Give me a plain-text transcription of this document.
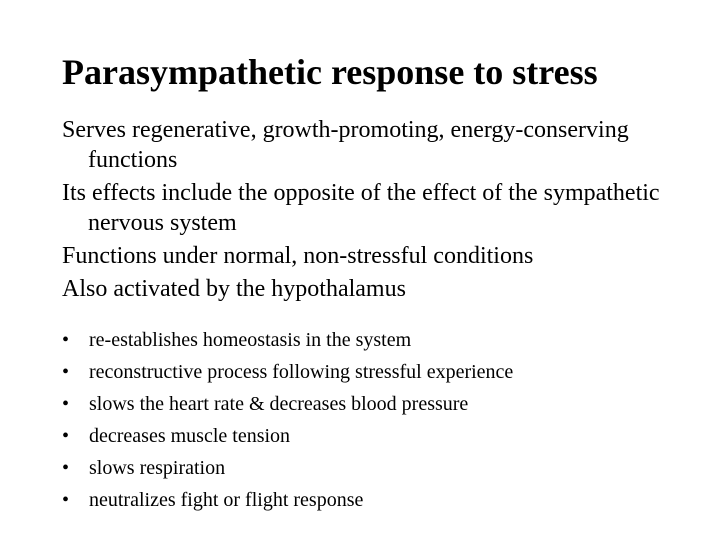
Parasympathetic response to stress
Serves regenerative, growth-promoting, energy-conserving functions
Its effects include the opposite of the effect of the sympathetic nervous system
Functions under normal, non-stressful conditions
Also activated by the hypothalamus
• re-establishes homeostasis in the system
• reconstructive process following stressful experience
• slows the heart rate & decreases blood pressure
• decreases muscle tension
• slows respiration
• neutralizes fight or flight response
